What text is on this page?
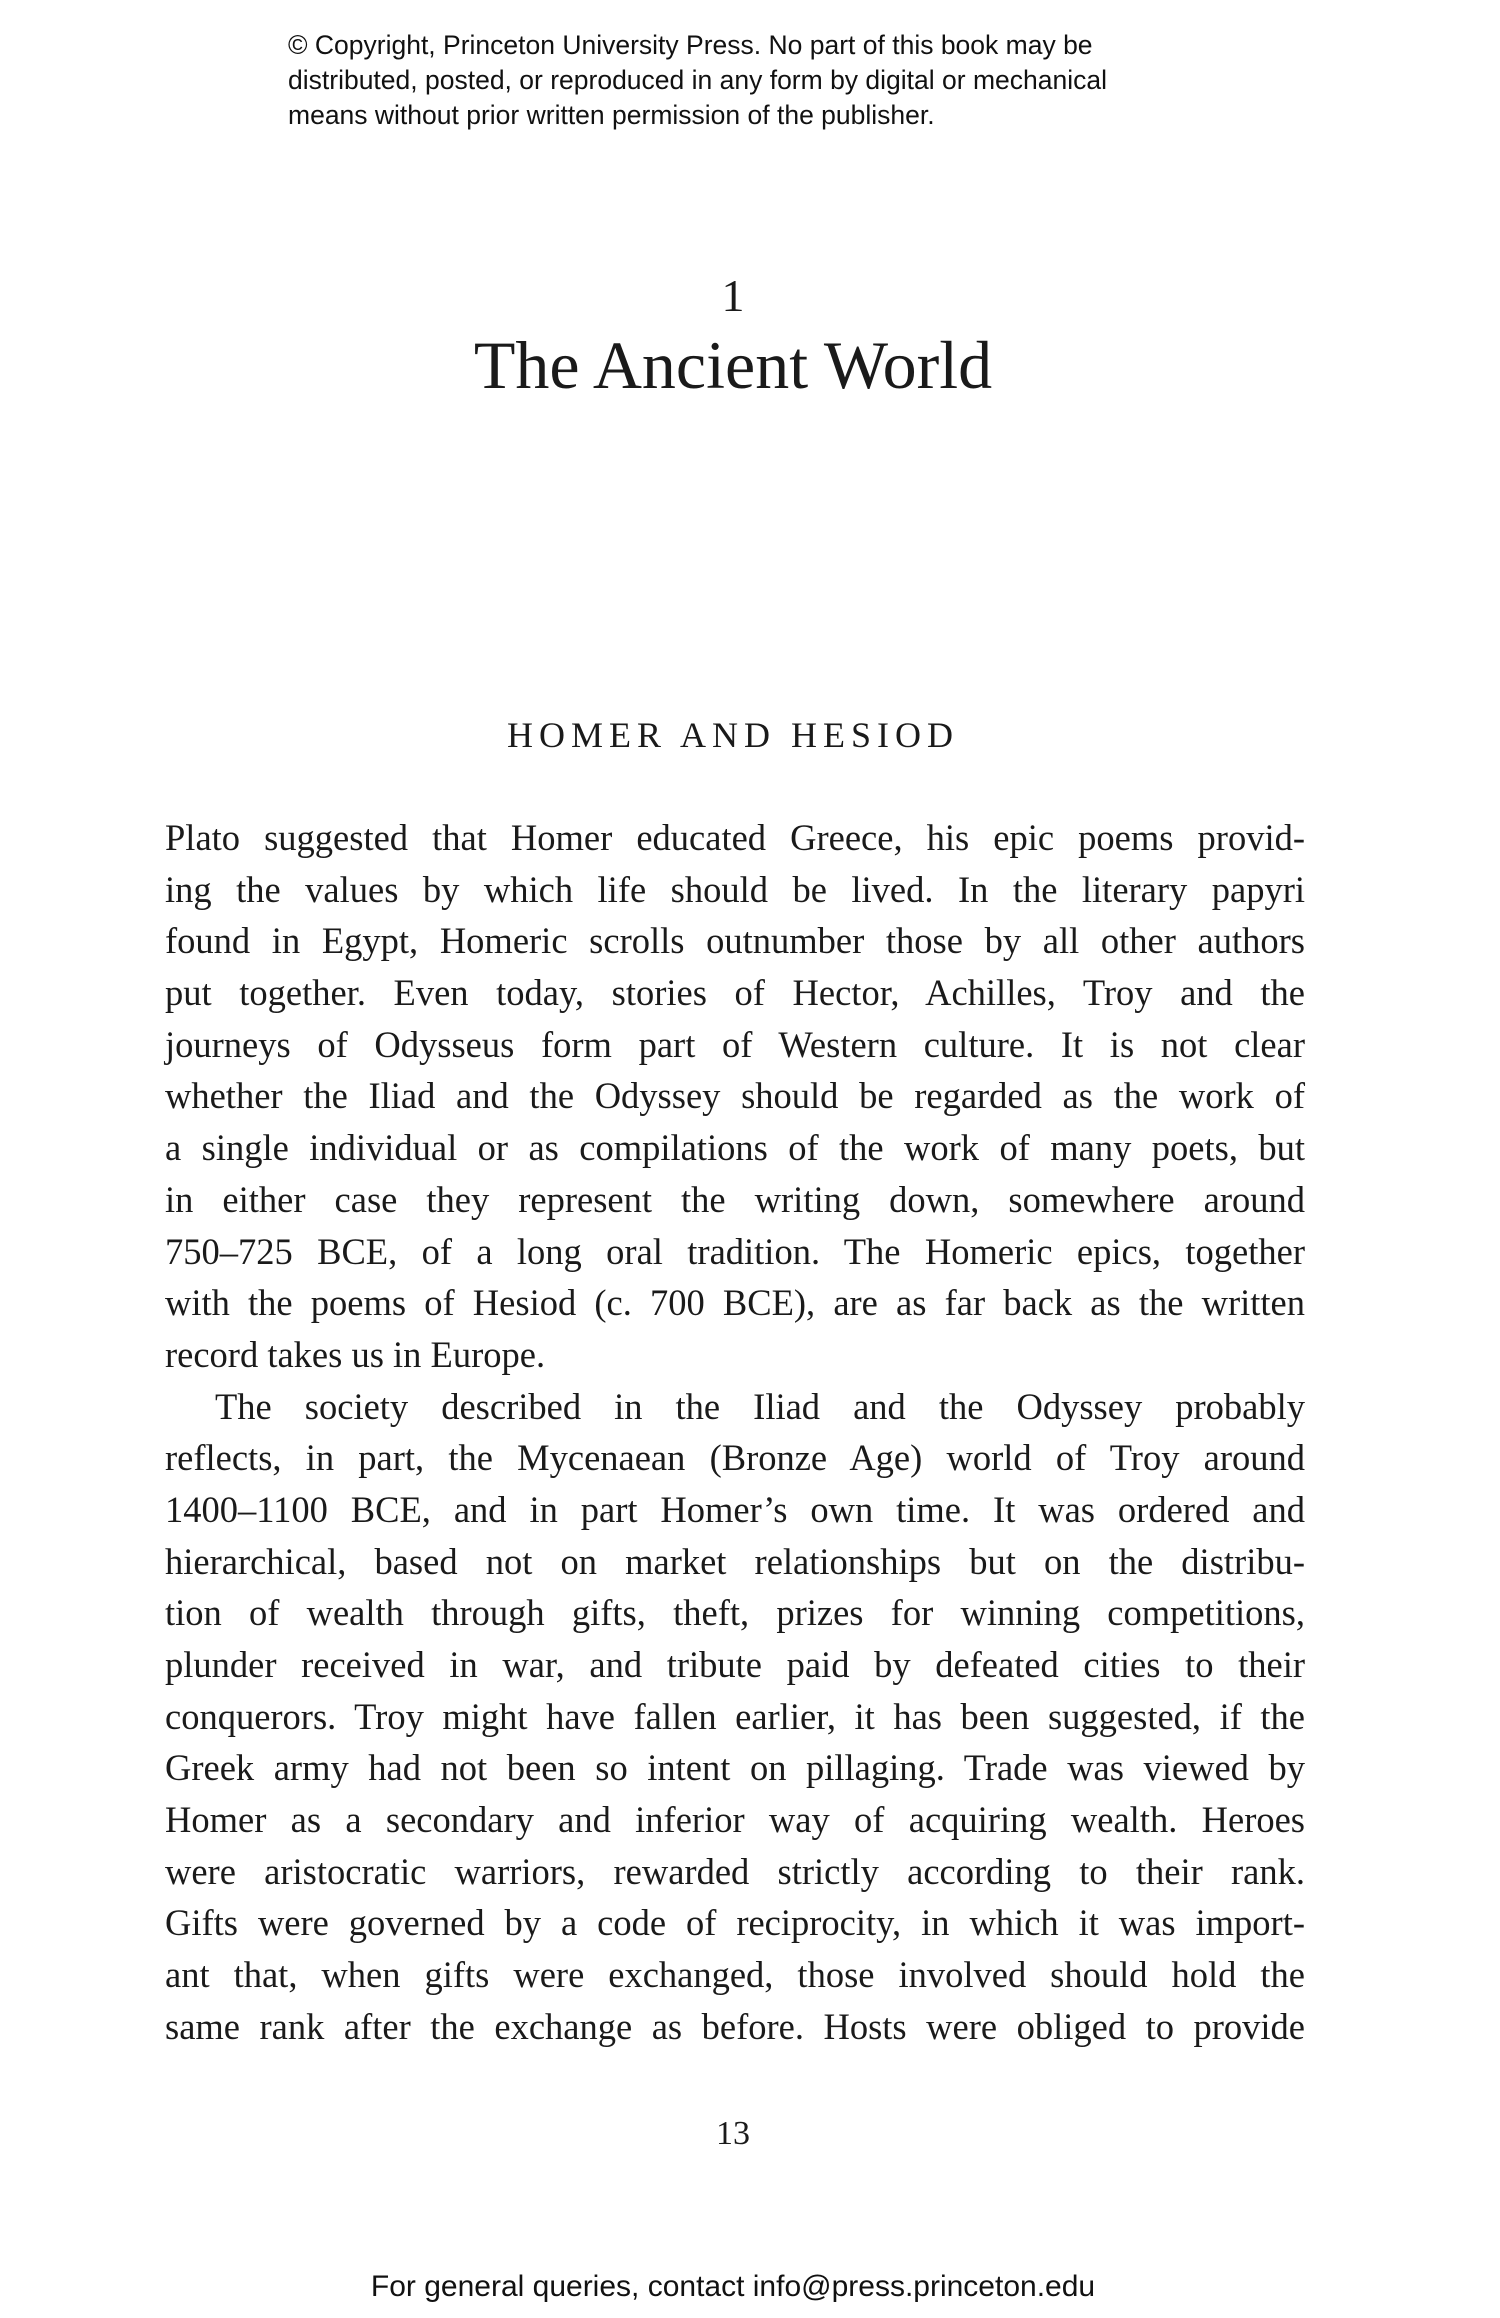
© Copyright, Princeton University Press. No part of this book may be
distributed, posted, or reproduced in any form by digital or mechanical
means without prior written permission of the publisher.
1
The Ancient World
HOMER AND HESIOD
Plato suggested that Homer educated Greece, his epic poems provid-
ing the values by which life should be lived. In the literary papyri
found in Egypt, Homeric scrolls outnumber those by all other authors
put together. Even today, stories of Hector, Achilles, Troy and the
journeys of Odysseus form part of Western culture. It is not clear
whether the Iliad and the Odyssey should be regarded as the work of
a single individual or as compilations of the work of many poets, but
in either case they represent the writing down, somewhere around
750–725 BCE, of a long oral tradition. The Homeric epics, together
with the poems of Hesiod (c. 700 BCE), are as far back as the written
record takes us in Europe.
The society described in the Iliad and the Odyssey probably
reflects, in part, the Mycenaean (Bronze Age) world of Troy around
1400–1100 BCE, and in part Homer’s own time. It was ordered and
hierarchical, based not on market relationships but on the distribu-
tion of wealth through gifts, theft, prizes for winning competitions,
plunder received in war, and tribute paid by defeated cities to their
conquerors. Troy might have fallen earlier, it has been suggested, if the
Greek army had not been so intent on pillaging. Trade was viewed by
Homer as a secondary and inferior way of acquiring wealth. Heroes
were aristocratic warriors, rewarded strictly according to their rank.
Gifts were governed by a code of reciprocity, in which it was import-
ant that, when gifts were exchanged, those involved should hold the
same rank after the exchange as before. Hosts were obliged to provide
13
For general queries, contact info@press.princeton.edu
